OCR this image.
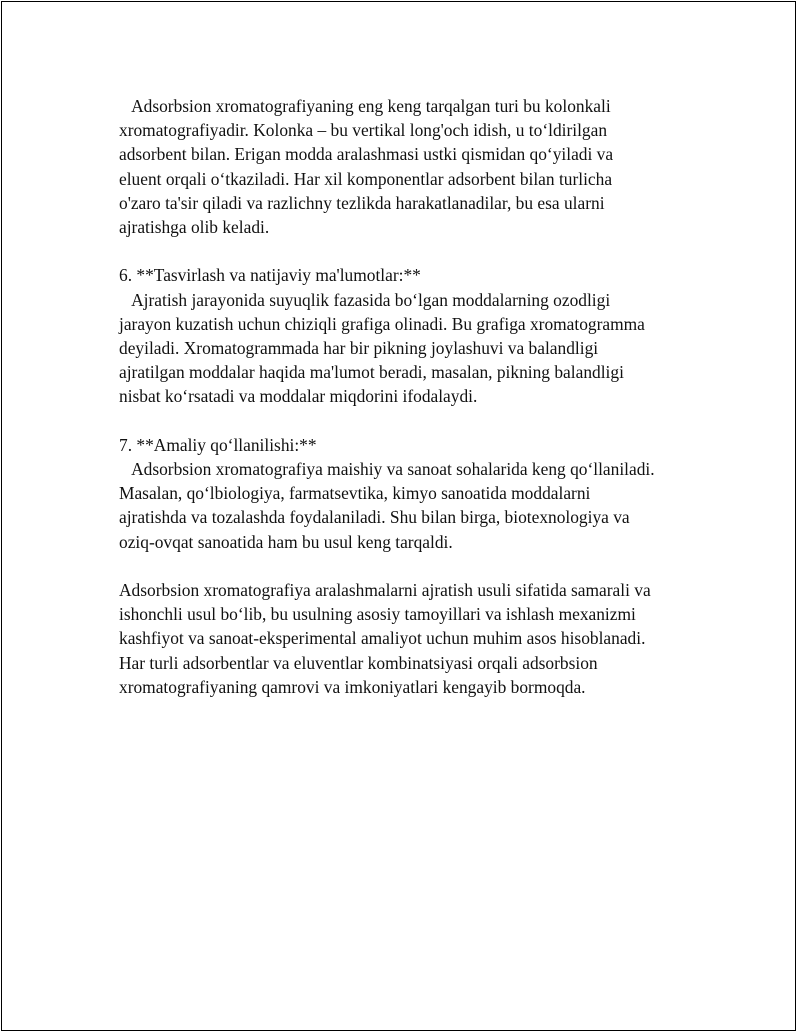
Adsorbsion xromatografiyaning eng keng tarqalgan turi bu kolonkali
xromatografiyadir. Kolonka – bu vertikal long'och idish, u to‘ldirilgan
adsorbent bilan. Erigan modda aralashmasi ustki qismidan qo‘yiladi va
eluent orqali o‘tkaziladi. Har xil komponentlar adsorbent bilan turlicha
o'zaro ta'sir qiladi va razlichny tezlikda harakatlanadilar, bu esa ularni
ajratishga olib keladi.
6. **Tasvirlash va natijaviy ma'lumotlar:**
Ajratish jarayonida suyuqlik fazasida bo‘lgan moddalarning ozodligi
jarayon kuzatish uchun chiziqli grafiga olinadi. Bu grafiga xromatogramma
deyiladi. Xromatogrammada har bir pikning joylashuvi va balandligi
ajratilgan moddalar haqida ma'lumot beradi, masalan, pikning balandligi
nisbat ko‘rsatadi va moddalar miqdorini ifodalaydi.
7. **Amaliy qo‘llanilishi:**
Adsorbsion xromatografiya maishiy va sanoat sohalarida keng qo‘llaniladi.
Masalan, qo‘lbiologiya, farmatsevtika, kimyo sanoatida moddalarni
ajratishda va tozalashda foydalaniladi. Shu bilan birga, biotexnologiya va
oziq-ovqat sanoatida ham bu usul keng tarqaldi.
Adsorbsion xromatografiya aralashmalarni ajratish usuli sifatida samarali va
ishonchli usul bo‘lib, bu usulning asosiy tamoyillari va ishlash mexanizmi
kashfiyot va sanoat-eksperimental amaliyot uchun muhim asos hisoblanadi.
Har turli adsorbentlar va eluventlar kombinatsiyasi orqali adsorbsion
xromatografiyaning qamrovi va imkoniyatlari kengayib bormoqda.
